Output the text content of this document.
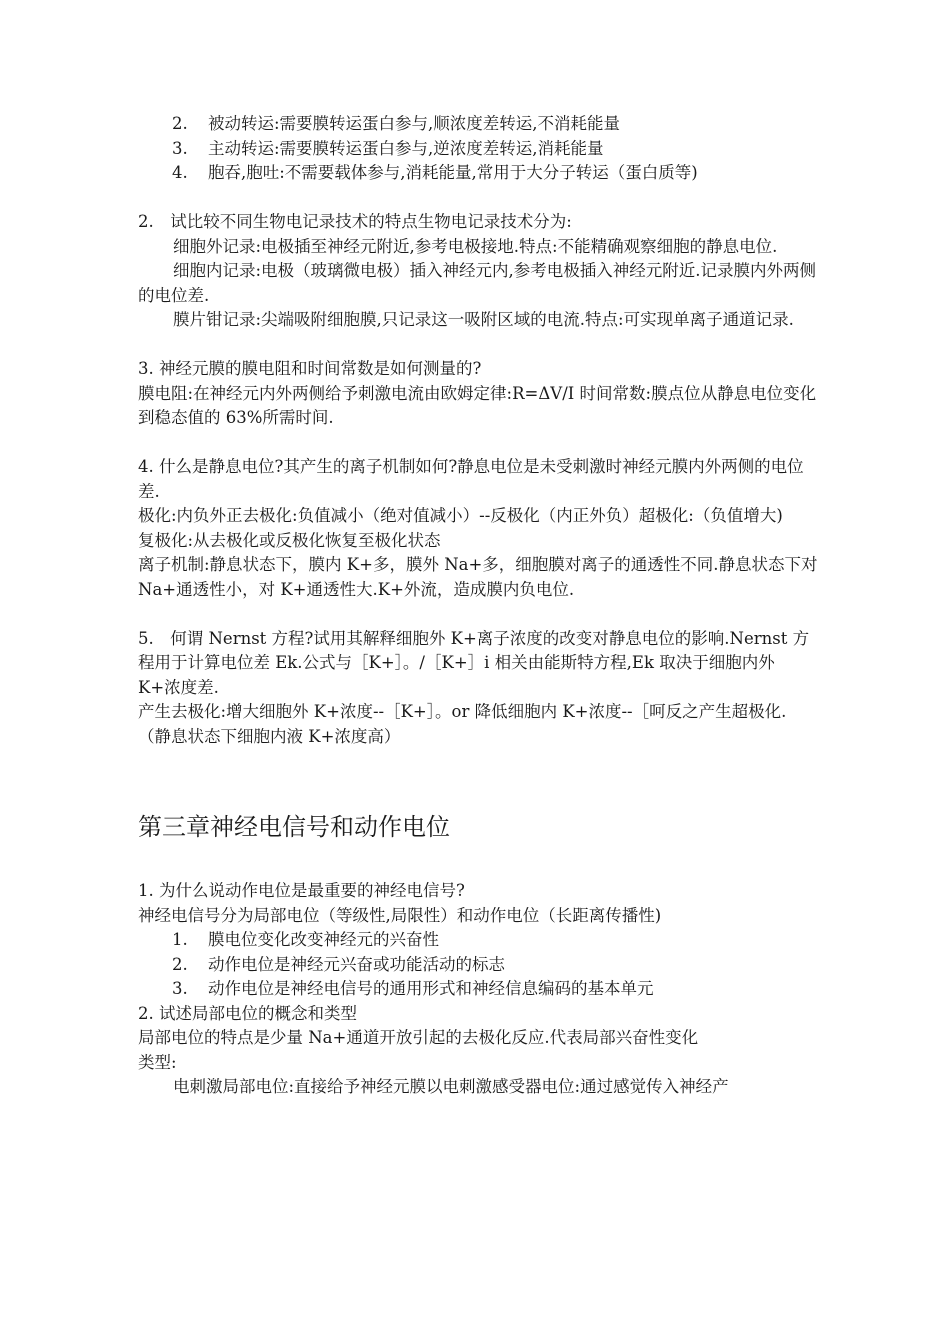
2.	被动转运:需要膜转运蛋白参与,顺浓度差转运,不消耗能量
3.	主动转运:需要膜转运蛋白参与,逆浓度差转运,消耗能量
4.	胞吞,胞吐:不需要载体参与,消耗能量,常用于大分子转运（蛋白质等)

2.　试比较不同生物电记录技术的特点生物电记录技术分为:

细胞外记录:电极插至神经元附近,参考电极接地.特点:不能精确观察细胞的静息电位.

细胞内记录:电极（玻璃微电极）插入神经元内,参考电极插入神经元附近.记录膜内外两侧的电位差.

膜片钳记录:尖端吸附细胞膜,只记录这一吸附区域的电流.特点:可实现单离子通道记录.

3. 神经元膜的膜电阻和时间常数是如何测量的?

膜电阻:在神经元内外两侧给予刺激电流由欧姆定律:R=ΔV/I 时间常数:膜点位从静息电位变化到稳态值的 63%所需时间.

4. 什么是静息电位?其产生的离子机制如何?静息电位是未受刺激时神经元膜内外两侧的电位差.

极化:内负外正去极化:负值减小（绝对值减小）--反极化（内正外负）超极化:（负值增大)

复极化:从去极化或反极化恢复至极化状态

离子机制:静息状态下，膜内 K+多，膜外 Na+多，细胞膜对离子的通透性不同.静息状态下对 Na+通透性小，对 K+通透性大.K+外流，造成膜内负电位.

5.　何谓 Nernst 方程?试用其解释细胞外 K+离子浓度的改变对静息电位的影响.Nernst 方程用于计算电位差 Ek.公式与［K+］。/［K+］i 相关由能斯特方程,Ek 取决于细胞内外 K+浓度差.

产生去极化:增大细胞外 K+浓度--［K+］。or 降低细胞内 K+浓度--［呵反之产生超极化.

（静息状态下细胞内液 K+浓度高）

第三章神经电信号和动作电位

1. 为什么说动作电位是最重要的神经电信号?

神经电信号分为局部电位（等级性,局限性）和动作电位（长距离传播性)

1.	膜电位变化改变神经元的兴奋性
2.	动作电位是神经元兴奋或功能活动的标志
3.	动作电位是神经电信号的通用形式和神经信息编码的基本单元

2. 试述局部电位的概念和类型

局部电位的特点是少量 Na+通道开放引起的去极化反应.代表局部兴奋性变化

类型:

电刺激局部电位:直接给予神经元膜以电刺激感受器电位:通过感觉传入神经产
